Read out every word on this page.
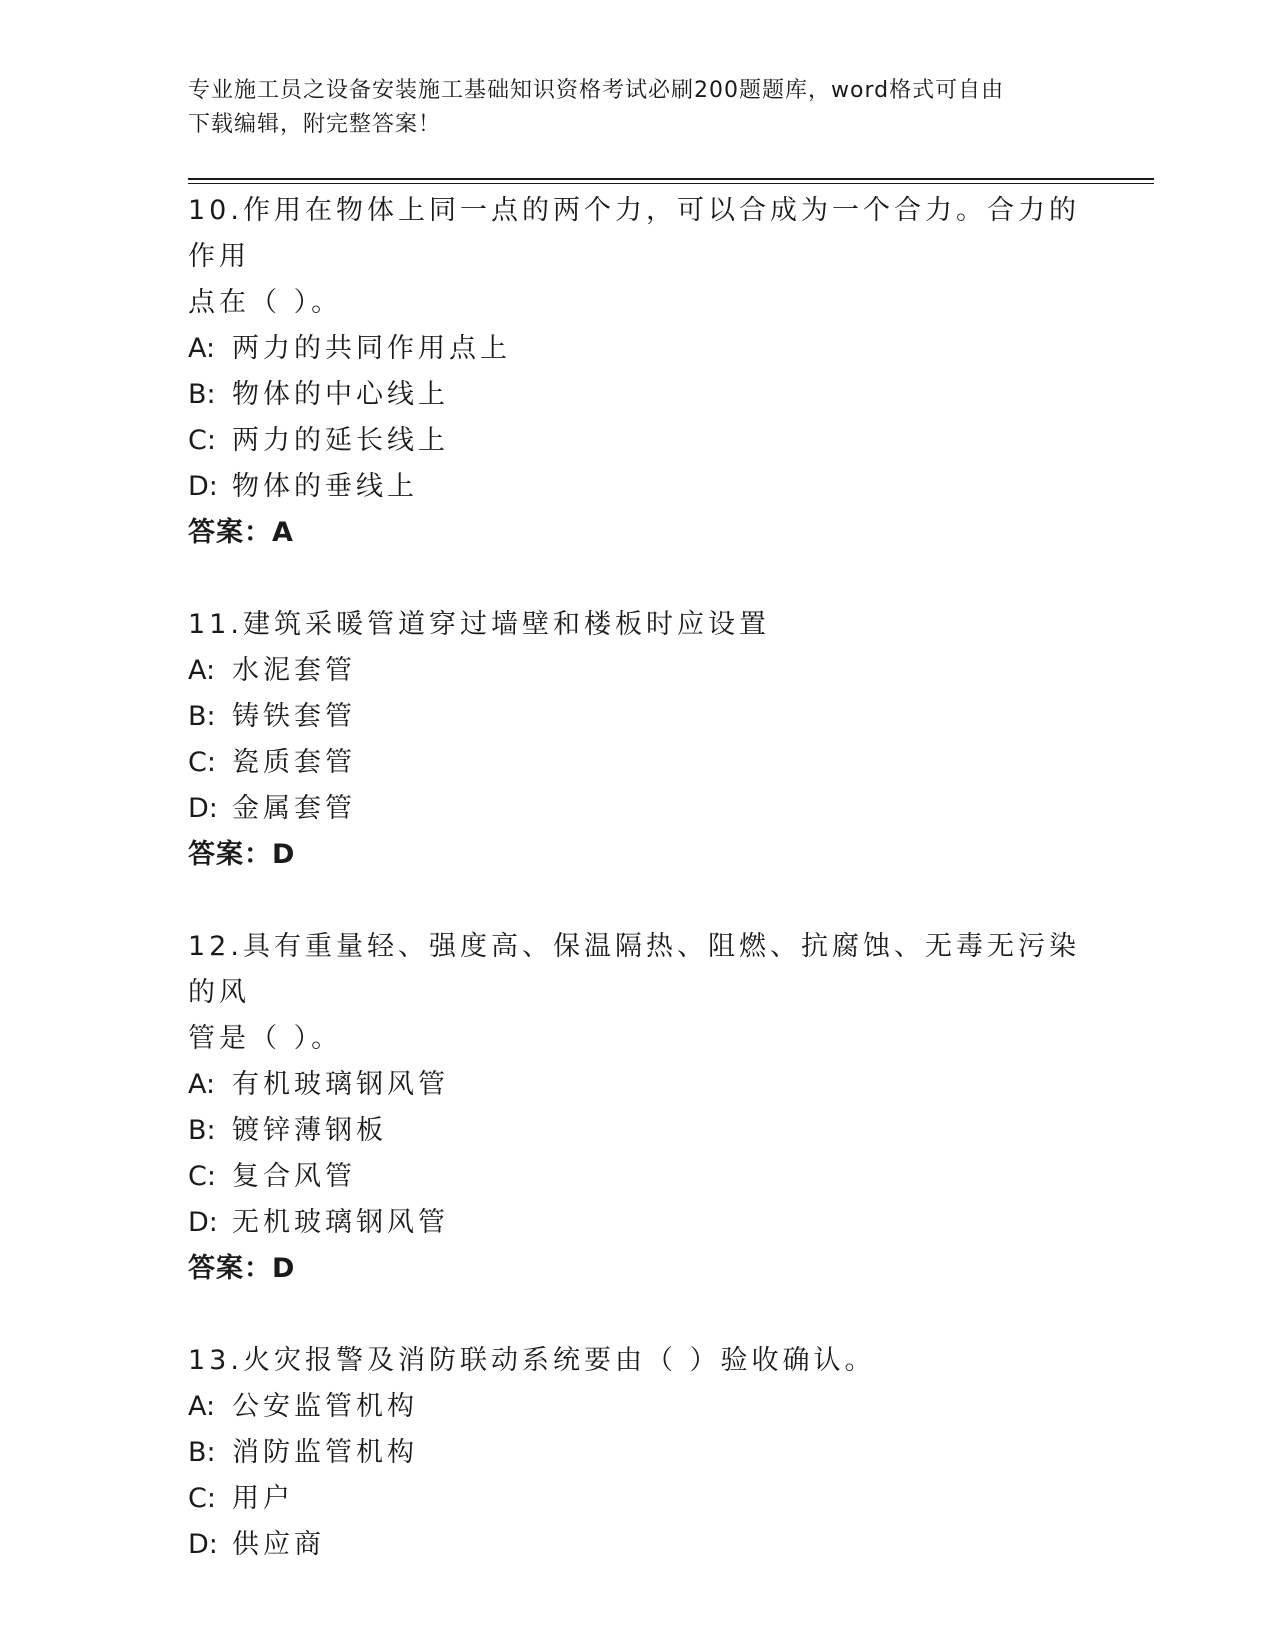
专业施工员之设备安装施工基础知识资格考试必刷200题题库，word格式可自由
下载编辑，附完整答案！
10.作用在物体上同一点的两个力，可以合成为一个合力。合力的作用
点在（ ）。
A: 两力的共同作用点上
B: 物体的中心线上
C: 两力的延长线上
D: 物体的垂线上
答案：A
11.建筑采暖管道穿过墙壁和楼板时应设置
A: 水泥套管
B: 铸铁套管
C: 瓷质套管
D: 金属套管
答案：D
12.具有重量轻、强度高、保温隔热、阻燃、抗腐蚀、无毒无污染的风
管是（ ）。
A: 有机玻璃钢风管
B: 镀锌薄钢板
C: 复合风管
D: 无机玻璃钢风管
答案：D
13.火灾报警及消防联动系统要由（ ）验收确认。
A: 公安监管机构
B: 消防监管机构
C: 用户
D: 供应商
